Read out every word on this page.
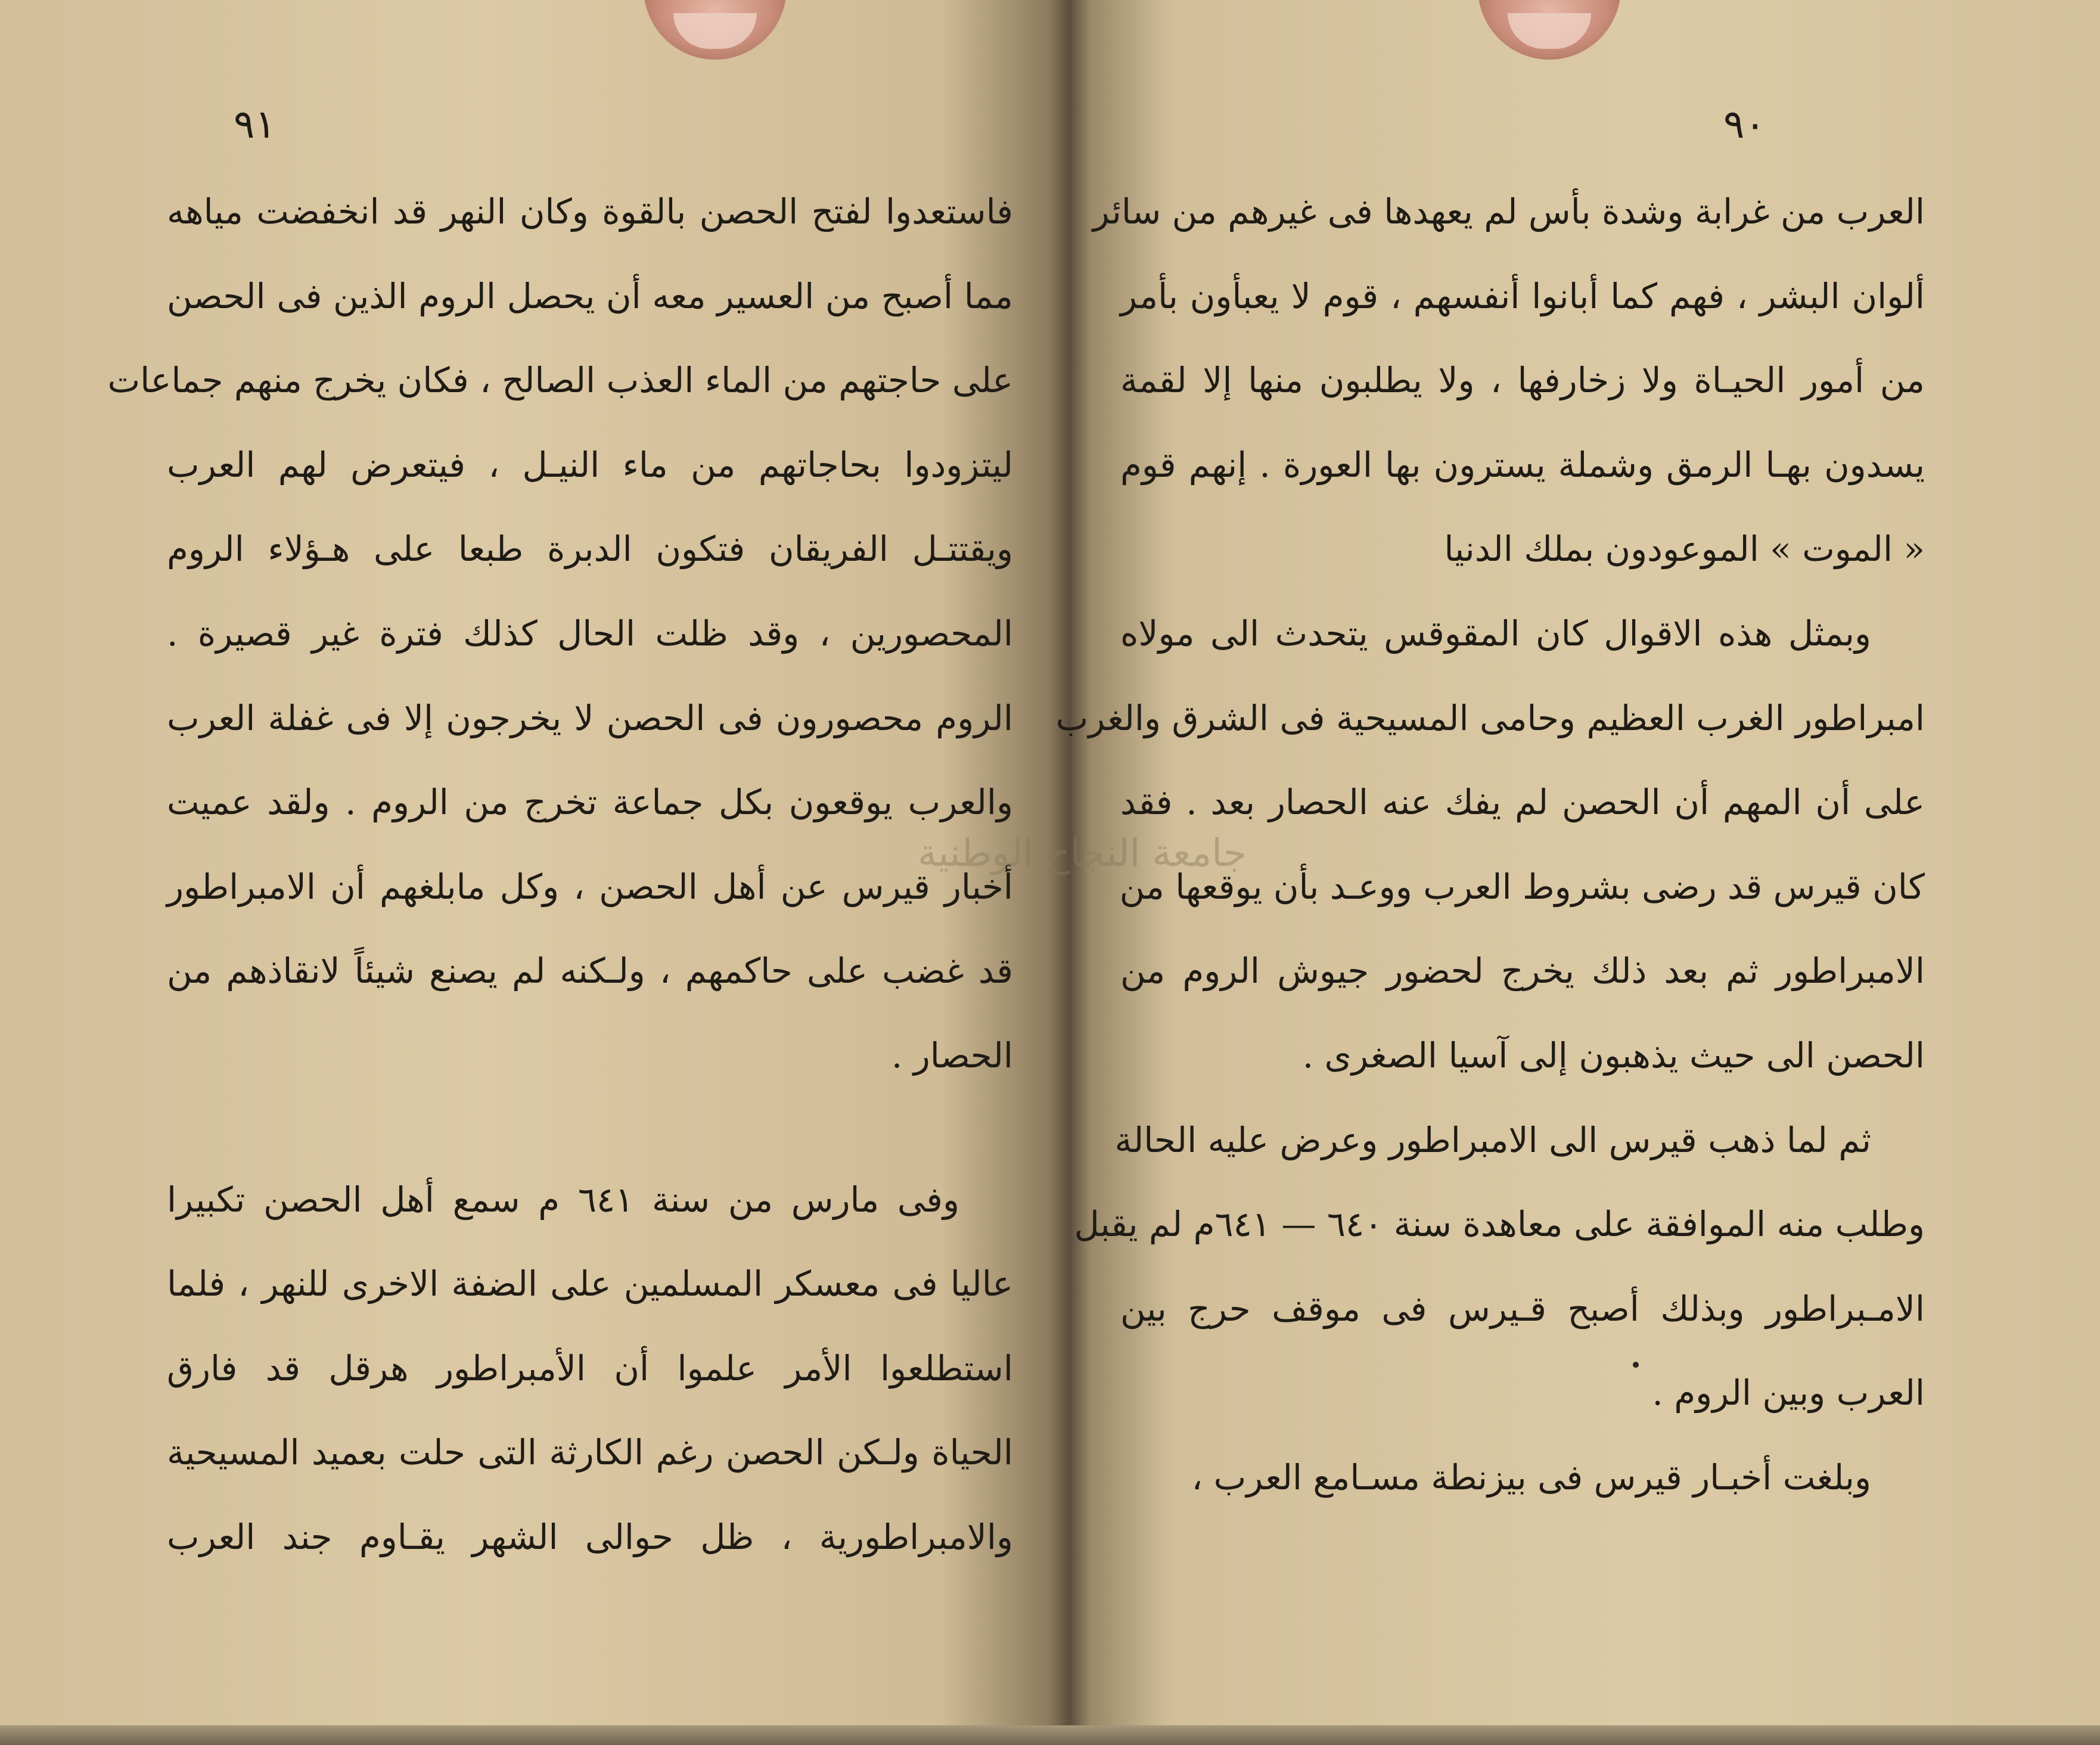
٩١
فاستعدوا لفتح الحصن بالقوة وكان النهر قد انخفضت مياهه
مما أصبح من العسير معه أن يحصل الروم الذين فى الحصن
على حاجتهم من الماء العذب الصالح ، فكان يخرج منهم جماعات
ليتزودوا بحاجاتهم من ماء النيـل ، فيتعرض لهم العرب
ويقتتـل الفريقان فتكون الدبرة طبعا على هـؤلاء الروم
المحصورين ، وقد ظلت الحال كذلك فترة غير قصيرة .
الروم محصورون فى الحصن لا يخرجون إلا فى غفلة العرب
والعرب يوقعون بكل جماعة تخرج من الروم . ولقد عميت
أخبار قيرس عن أهل الحصن ، وكل مابلغهم أن الامبراطور
قد غضب على حاكمهم ، ولـكنه لم يصنع شيئاً لانقاذهم من
الحصار .
وفى مارس من سنة ٦٤١ م سمع أهل الحصن تكبيرا
عاليا فى معسكر المسلمين على الضفة الاخرى للنهر ، فلما
استطلعوا الأمر علموا أن الأمبراطور هرقل قد فارق
الحياة ولـكن الحصن رغم الكارثة التى حلت بعميد المسيحية
والامبراطورية ، ظل حوالى الشهر يقـاوم جند العرب
٩٠
العرب من غرابة وشدة بأس لم يعهدها فى غيرهم من سائر
ألوان البشر ، فهم كما أبانوا أنفسهم ، قوم لا يعبأون بأمر
من أمور الحيـاة ولا زخارفها ، ولا يطلبون منها إلا لقمة
يسدون بهـا الرمق وشملة يسترون بها العورة . إنهم قوم
« الموت » الموعودون بملك الدنيا
وبمثل هذه الاقوال كان المقوقس يتحدث الى مولاه
امبراطور الغرب العظيم وحامى المسيحية فى الشرق والغرب
على أن المهم أن الحصن لم يفك عنه الحصار بعد . فقد
كان قيرس قد رضى بشروط العرب ووعـد بأن يوقعها من
الامبراطور ثم بعد ذلك يخرج لحضور جيوش الروم من
الحصن الى حيث يذهبون إلى آسيا الصغرى .
ثم لما ذهب قيرس الى الامبراطور وعرض عليه الحالة
وطلب منه الموافقة على معاهدة سنة ٦٤٠ — ٦٤١م لم يقبل
الامـبراطور وبذلك أصبح قـيرس فى موقف حرج بين
العرب وبين الروم .
وبلغت أخبـار قيرس فى بيزنطة مسـامع العرب ،
جامعة النجاح الوطنية
